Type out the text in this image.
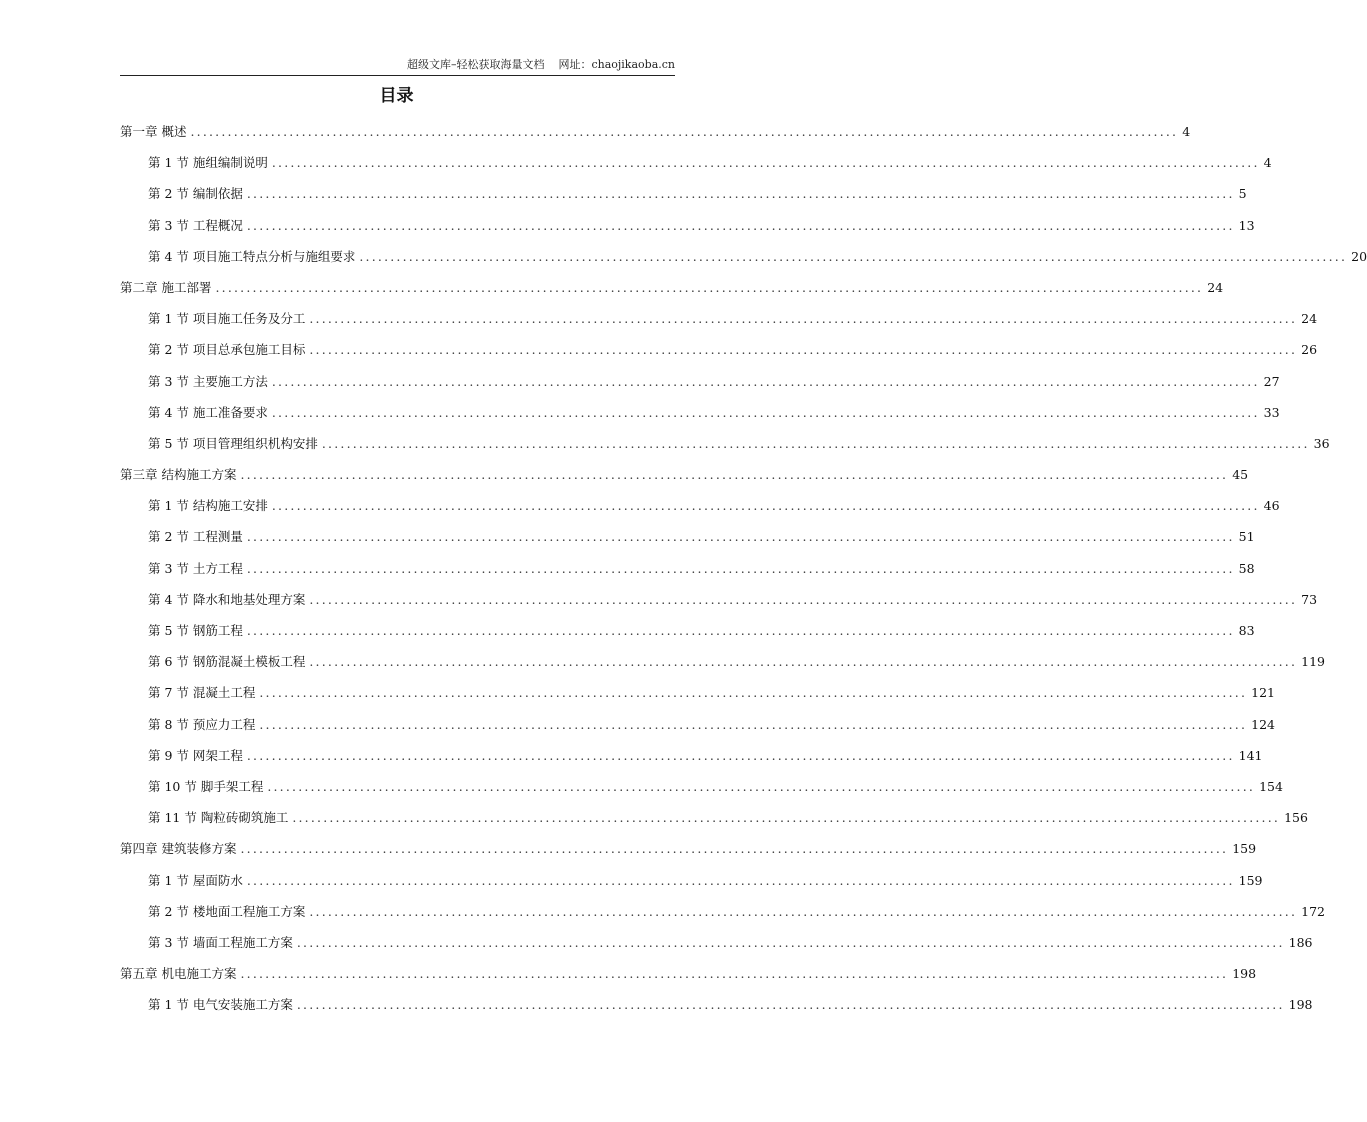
超级文库–轻松获取海量文档 网址：chaojikaoba.cn
目录
第一章 概述 ................................................................................................................................................................ 4
第 1 节 施组编制说明 ................................................................................................................................................................ 4
第 2 节 编制依据 ................................................................................................................................................................ 5
第 3 节 工程概况 ................................................................................................................................................................ 13
第 4 节 项目施工特点分析与施组要求 ................................................................................................................................................................ 20
第二章 施工部署 ................................................................................................................................................................ 24
第 1 节 项目施工任务及分工 ................................................................................................................................................................ 24
第 2 节 项目总承包施工目标 ................................................................................................................................................................ 26
第 3 节 主要施工方法 ................................................................................................................................................................ 27
第 4 节 施工准备要求 ................................................................................................................................................................ 33
第 5 节 项目管理组织机构安排 ................................................................................................................................................................ 36
第三章 结构施工方案 ................................................................................................................................................................ 45
第 1 节 结构施工安排 ................................................................................................................................................................ 46
第 2 节 工程测量 ................................................................................................................................................................ 51
第 3 节 土方工程 ................................................................................................................................................................ 58
第 4 节 降水和地基处理方案 ................................................................................................................................................................ 73
第 5 节 钢筋工程 ................................................................................................................................................................ 83
第 6 节 钢筋混凝土模板工程 ................................................................................................................................................................ 119
第 7 节 混凝土工程 ................................................................................................................................................................ 121
第 8 节 预应力工程 ................................................................................................................................................................ 124
第 9 节 网架工程 ................................................................................................................................................................ 141
第 10 节 脚手架工程 ................................................................................................................................................................ 154
第 11 节 陶粒砖砌筑施工 ................................................................................................................................................................ 156
第四章 建筑装修方案 ................................................................................................................................................................ 159
第 1 节 屋面防水 ................................................................................................................................................................ 159
第 2 节 楼地面工程施工方案 ................................................................................................................................................................ 172
第 3 节 墙面工程施工方案 ................................................................................................................................................................ 186
第五章 机电施工方案 ................................................................................................................................................................ 198
第 1 节 电气安装施工方案 ................................................................................................................................................................ 198
